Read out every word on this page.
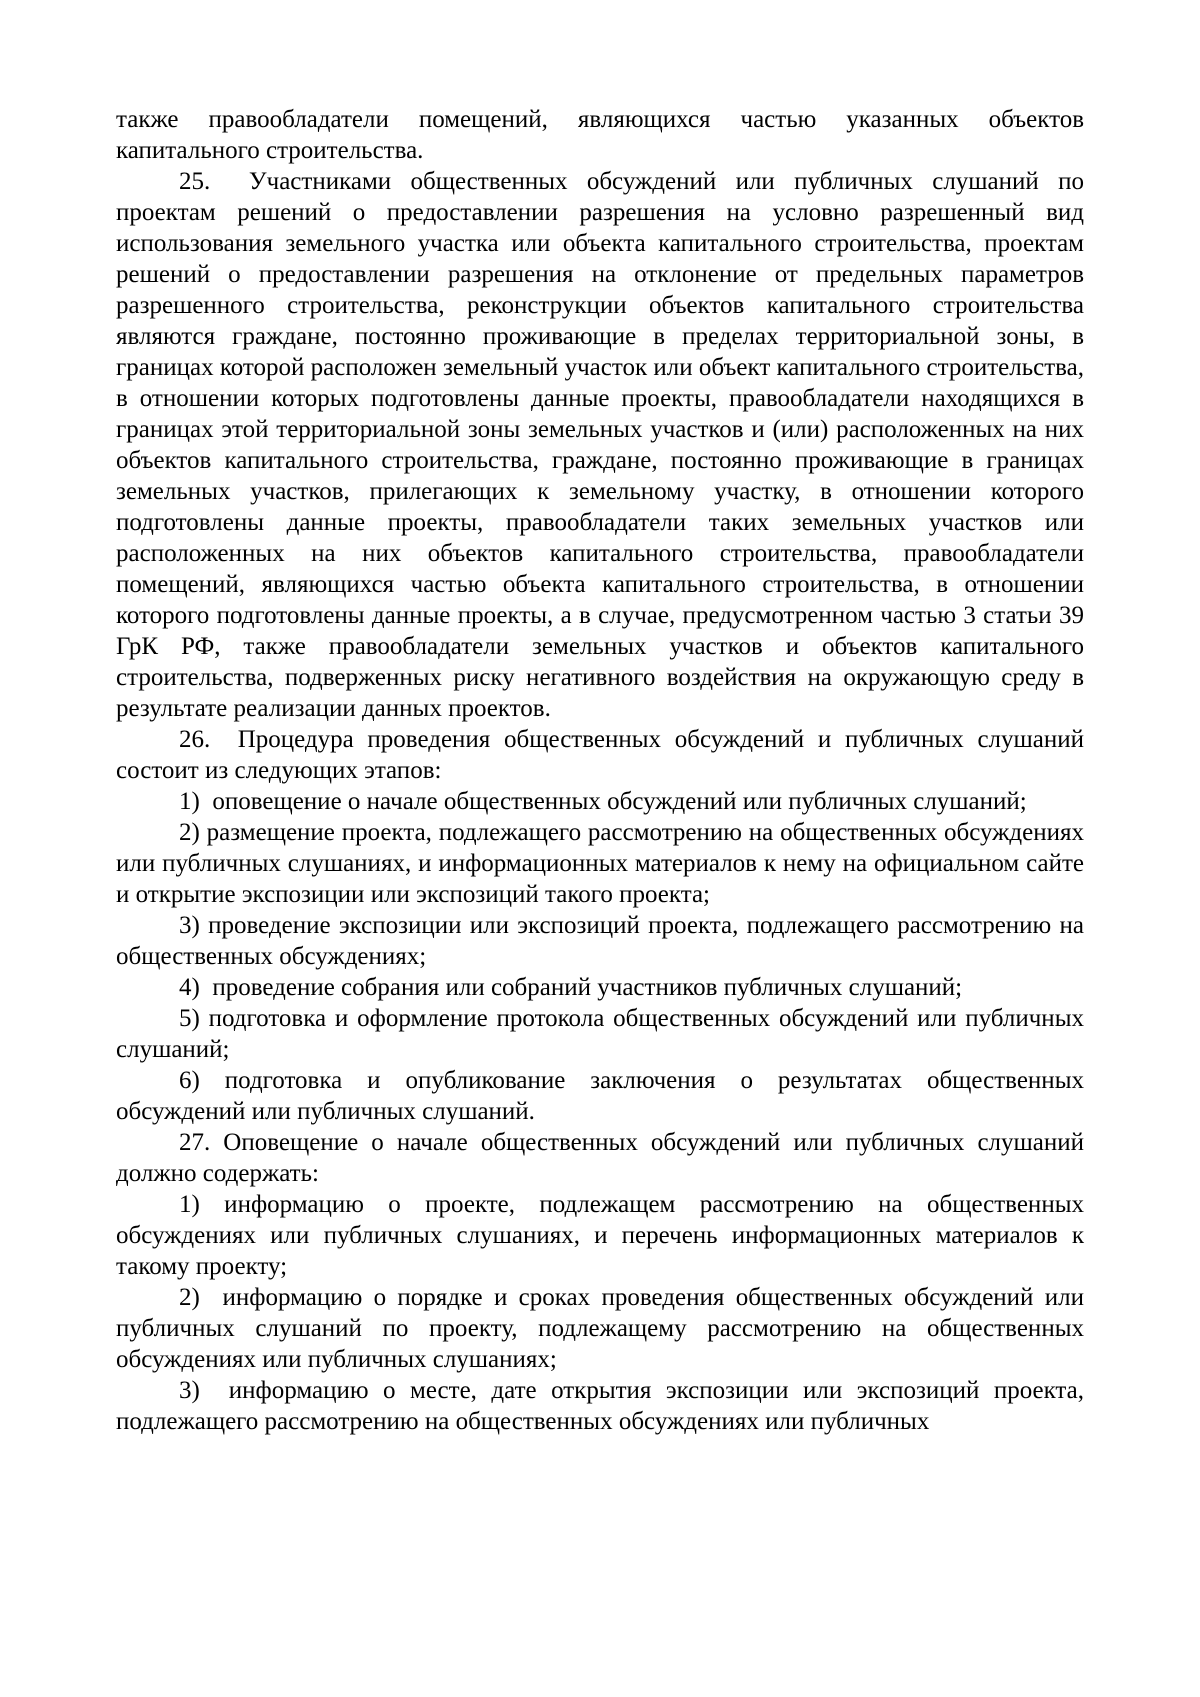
также правообладатели помещений, являющихся частью указанных объектов капитального строительства.

25.  Участниками общественных обсуждений или публичных слушаний по проектам решений о предоставлении разрешения на условно разрешенный вид использования земельного участка или объекта капитального строительства, проектам решений о предоставлении разрешения на отклонение от предельных параметров разрешенного строительства, реконструкции объектов капитального строительства являются граждане, постоянно проживающие в пределах территориальной зоны, в границах которой расположен земельный участок или объект капитального строительства, в отношении которых подготовлены данные проекты, правообладатели находящихся в границах этой территориальной зоны земельных участков и (или) расположенных на них объектов капитального строительства, граждане, постоянно проживающие в границах земельных участков, прилегающих к земельному участку, в отношении которого подготовлены данные проекты, правообладатели таких земельных участков или расположенных на них объектов капитального строительства, правообладатели помещений, являющихся частью объекта капитального строительства, в отношении которого подготовлены данные проекты, а в случае, предусмотренном частью 3 статьи 39 ГрК РФ, также правообладатели земельных участков и объектов капитального строительства, подверженных риску негативного воздействия на окружающую среду в результате реализации данных проектов.

26.  Процедура проведения общественных обсуждений и публичных слушаний состоит из следующих этапов:

1)  оповещение о начале общественных обсуждений или публичных слушаний;

2) размещение проекта, подлежащего рассмотрению на общественных обсуждениях или публичных слушаниях, и информационных материалов к нему на официальном сайте и открытие экспозиции или экспозиций такого проекта;

3) проведение экспозиции или экспозиций проекта, подлежащего рассмотрению на общественных обсуждениях;

4)  проведение собрания или собраний участников публичных слушаний;

5) подготовка и оформление протокола общественных обсуждений или публичных слушаний;

6) подготовка и опубликование заключения о результатах общественных обсуждений или публичных слушаний.

27. Оповещение о начале общественных обсуждений или публичных слушаний должно содержать:

1) информацию о проекте, подлежащем рассмотрению на общественных обсуждениях или публичных слушаниях, и перечень информационных материалов к такому проекту;

2)  информацию о порядке и сроках проведения общественных обсуждений или публичных слушаний по проекту, подлежащему рассмотрению на общественных обсуждениях или публичных слушаниях;

3)  информацию о месте, дате открытия экспозиции или экспозиций проекта, подлежащего рассмотрению на общественных обсуждениях или публичных
